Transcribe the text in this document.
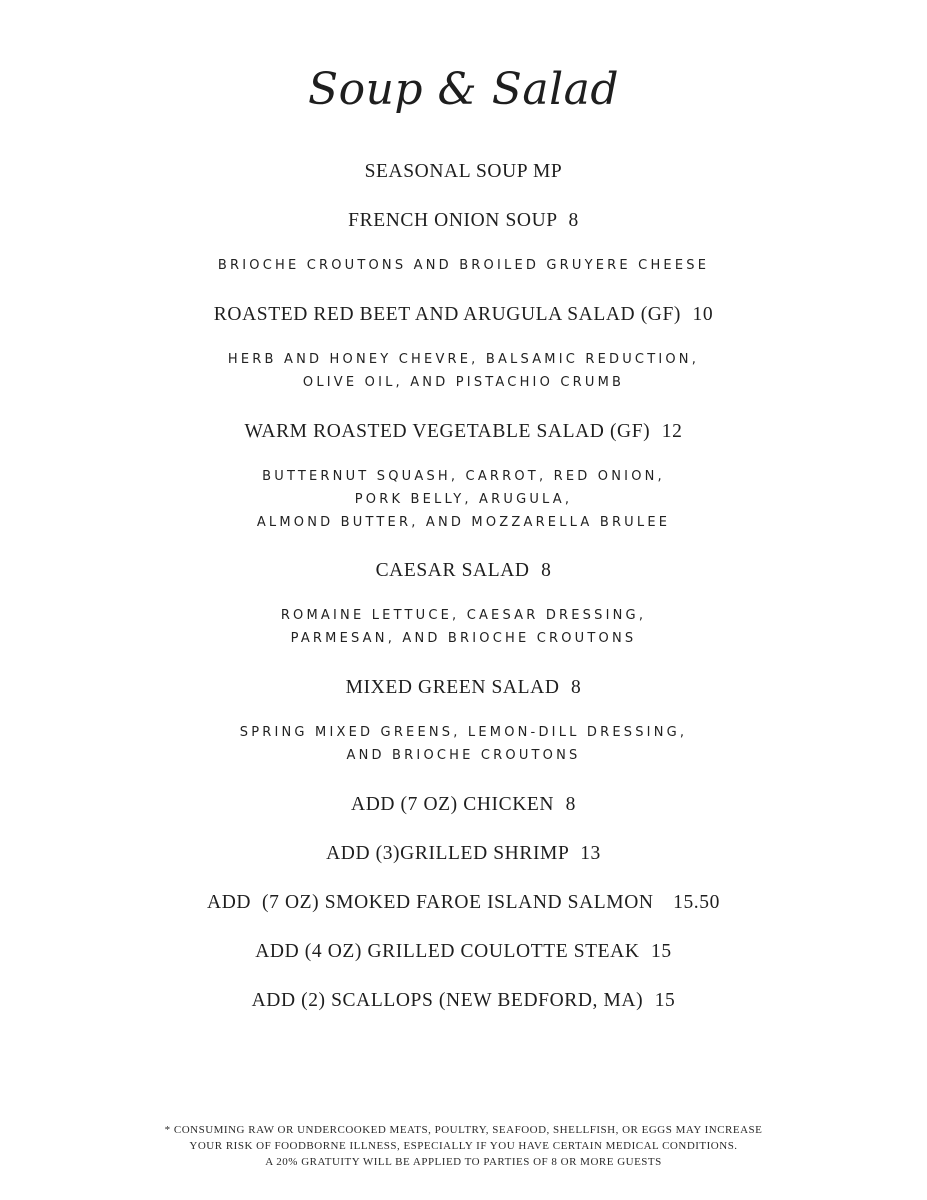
Soup & Salad
SEASONAL SOUP MP
FRENCH ONION SOUP 8
BRIOCHE CROUTONS AND BROILED GRUYERE CHEESE
ROASTED RED BEET AND ARUGULA SALAD (GF) 10
HERB AND HONEY CHEVRE, BALSAMIC REDUCTION,
OLIVE OIL, AND PISTACHIO CRUMB
WARM ROASTED VEGETABLE SALAD (GF) 12
BUTTERNUT SQUASH, CARROT, RED ONION,
PORK BELLY, ARUGULA,
ALMOND BUTTER, AND MOZZARELLA BRULEE
CAESAR SALAD 8
ROMAINE LETTUCE, CAESAR DRESSING,
PARMESAN, AND BRIOCHE CROUTONS
MIXED GREEN SALAD 8
SPRING MIXED GREENS, LEMON-DILL DRESSING,
AND BRIOCHE CROUTONS
ADD (7 OZ) CHICKEN 8
ADD (3)GRILLED SHRIMP 13
ADD  (7 OZ) SMOKED FAROE ISLAND SALMON 15.50
ADD (4 OZ) GRILLED COULOTTE STEAK 15
ADD (2) SCALLOPS (NEW BEDFORD, MA) 15
* CONSUMING RAW OR UNDERCOOKED MEATS, POULTRY, SEAFOOD, SHELLFISH, OR EGGS MAY INCREASE
YOUR RISK OF FOODBORNE ILLNESS, ESPECIALLY IF YOU HAVE CERTAIN MEDICAL CONDITIONS.
A 20% GRATUITY WILL BE APPLIED TO PARTIES OF 8 OR MORE GUESTS
